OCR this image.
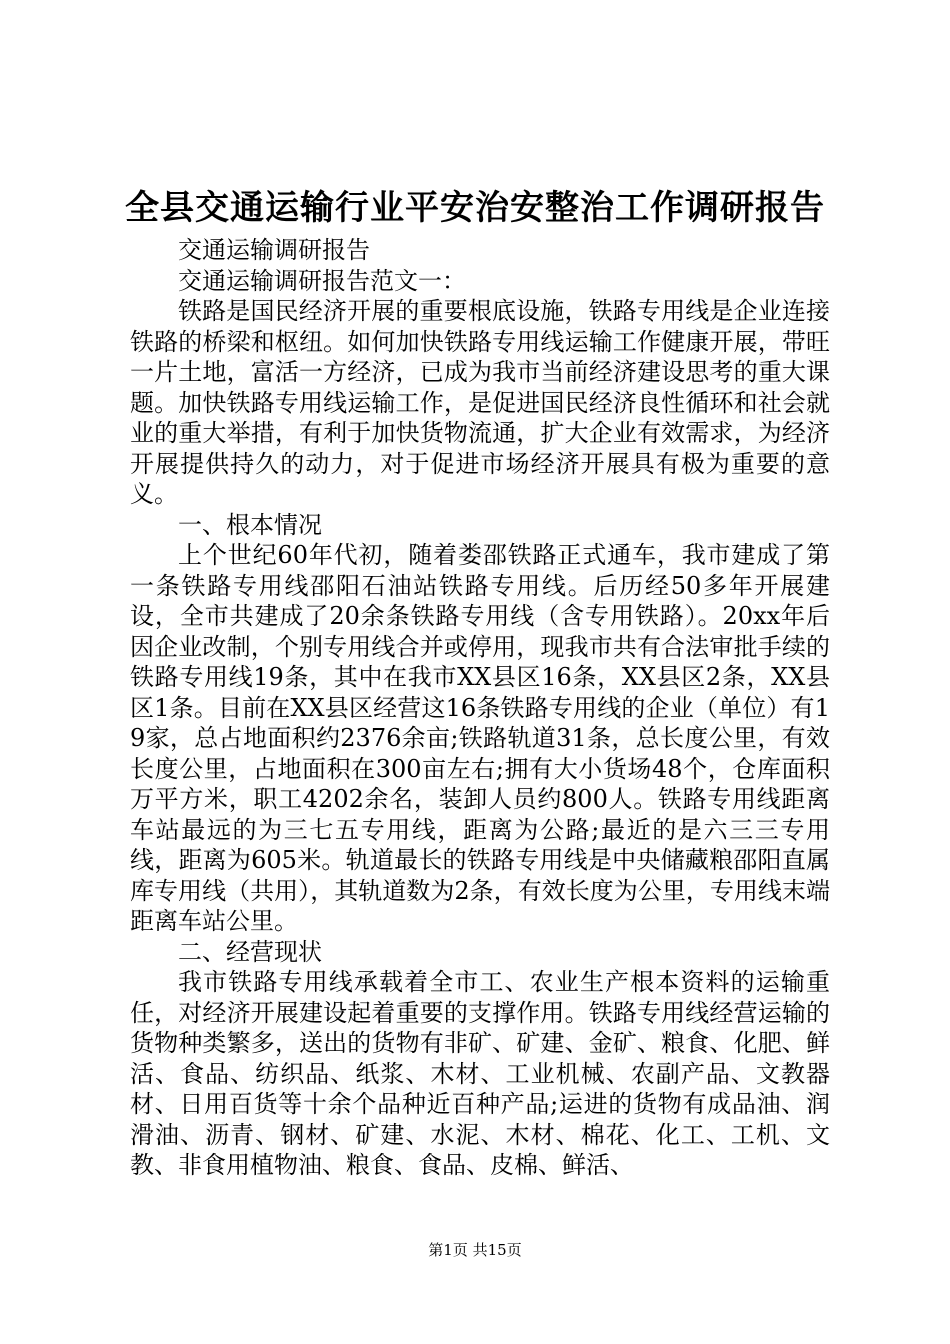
全县交通运输行业平安治安整治工作调研报告

交通运输调研报告

交通运输调研报告范文一：

铁路是国民经济开展的重要根底设施，铁路专用线是企业连接铁路的桥梁和枢纽。如何加快铁路专用线运输工作健康开展，带旺一片土地，富活一方经济，已成为我市当前经济建设思考的重大课题。加快铁路专用线运输工作，是促进国民经济良性循环和社会就业的重大举措，有利于加快货物流通，扩大企业有效需求，为经济开展提供持久的动力，对于促进市场经济开展具有极为重要的意义。

一、根本情况

上个世纪60年代初，随着娄邵铁路正式通车，我市建成了第一条铁路专用线邵阳石油站铁路专用线。后历经50多年开展建设，全市共建成了20余条铁路专用线（含专用铁路）。20xx年后因企业改制，个别专用线合并或停用，现我市共有合法审批手续的铁路专用线19条，其中在我市XX县区16条，XX县区2条，XX县区1条。目前在XX县区经营这16条铁路专用线的企业（单位）有19家，总占地面积约2376余亩;铁路轨道31条，总长度公里，有效长度公里，占地面积在300亩左右;拥有大小货场48个，仓库面积万平方米，职工4202余名，装卸人员约800人。铁路专用线距离车站最远的为三七五专用线，距离为公路;最近的是六三三专用线，距离为605米。轨道最长的铁路专用线是中央储藏粮邵阳直属库专用线（共用），其轨道数为2条，有效长度为公里，专用线末端距离车站公里。

二、经营现状

我市铁路专用线承载着全市工、农业生产根本资料的运输重任，对经济开展建设起着重要的支撑作用。铁路专用线经营运输的货物种类繁多，送出的货物有非矿、矿建、金矿、粮食、化肥、鲜活、食品、纺织品、纸浆、木材、工业机械、农副产品、文教器材、日用百货等十余个品种近百种产品;运进的货物有成品油、润滑油、沥青、钢材、矿建、水泥、木材、棉花、化工、工机、文教、非食用植物油、粮食、食品、皮棉、鲜活、

第1页 共15页
